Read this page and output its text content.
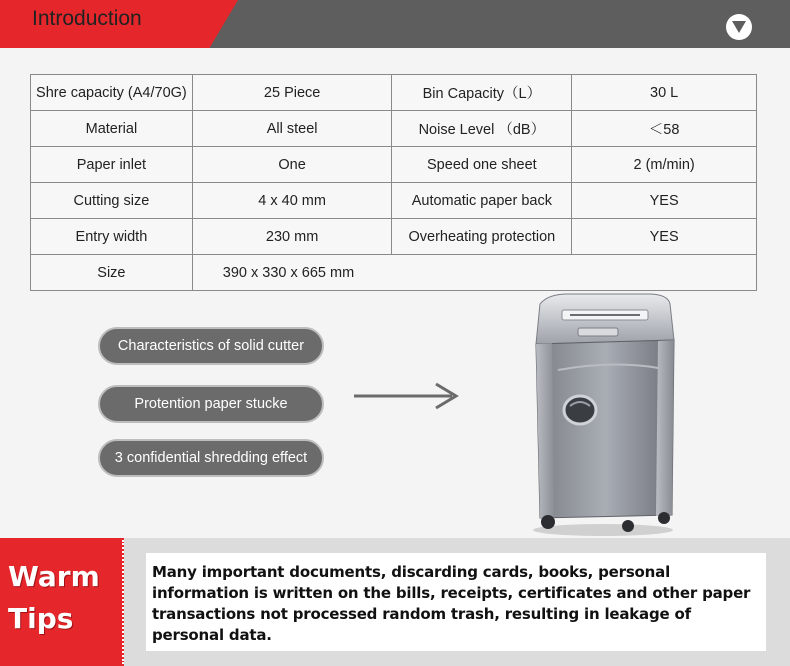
Introduction
Shre capacity (A4/70G)	25 Piece	Bin Capacity（L）	30 L
Material	All steel	Noise Level （dB）	＜58
Paper inlet	One	Speed one sheet	2 (m/min)
Cutting size	4 x 40 mm	Automatic paper back	YES
Entry width	230 mm	Overheating protection	YES
Size	390 x 330 x 665 mm		
Characteristics of solid cutter
Protention paper stucke
3 confidential shredding effect
Warm
Tips
Many important documents, discarding cards, books, personal information is written on the bills, receipts, certificates and other paper transactions not processed random trash, resulting in leakage of personal data.
